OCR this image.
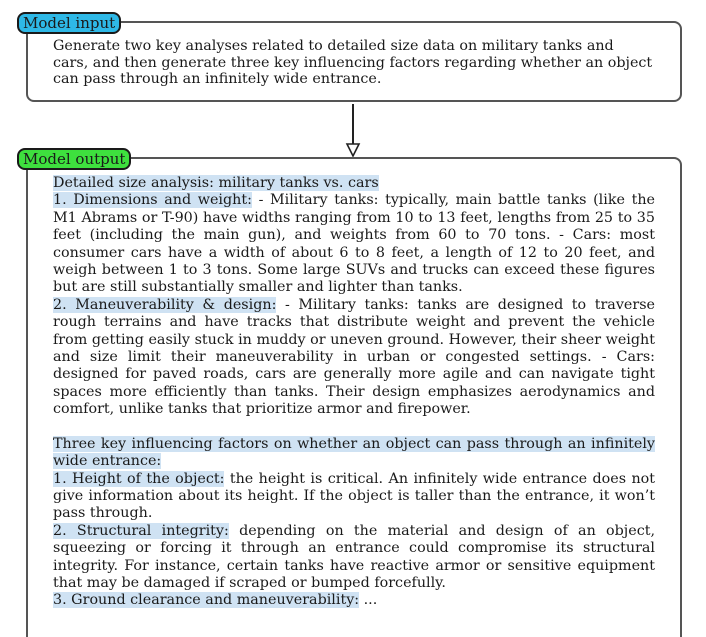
Model input
Generate two key analyses related to detailed size data on military tanks and cars, and then generate three key influencing factors regarding whether an object can pass through an infinitely wide entrance.
Model output
Detailed size analysis: military tanks vs. cars
1. Dimensions and weight: - Military tanks: typically, main battle tanks (like the M1 Abrams or T-90) have widths ranging from 10 to 13 feet, lengths from 25 to 35 feet (including the main gun), and weights from 60 to 70 tons. - Cars: most consumer cars have a width of about 6 to 8 feet, a length of 12 to 20 feet, and weigh between 1 to 3 tons. Some large SUVs and trucks can exceed these figures but are still substantially smaller and lighter than tanks.
2. Maneuverability & design: - Military tanks: tanks are designed to traverse rough terrains and have tracks that distribute weight and prevent the vehicle from getting easily stuck in muddy or uneven ground. However, their sheer weight and size limit their maneuverability in urban or congested settings. - Cars: designed for paved roads, cars are generally more agile and can navigate tight spaces more efficiently than tanks. Their design emphasizes aerodynamics and comfort, unlike tanks that prioritize armor and firepower.
Three key influencing factors on whether an object can pass through an infinitely wide entrance:
1. Height of the object: the height is critical. An infinitely wide entrance does not give information about its height. If the object is taller than the entrance, it won’t pass through.
2. Structural integrity: depending on the material and design of an object, squeezing or forcing it through an entrance could compromise its structural integrity. For instance, certain tanks have reactive armor or sensitive equipment that may be damaged if scraped or bumped forcefully.
3. Ground clearance and maneuverability: ...
